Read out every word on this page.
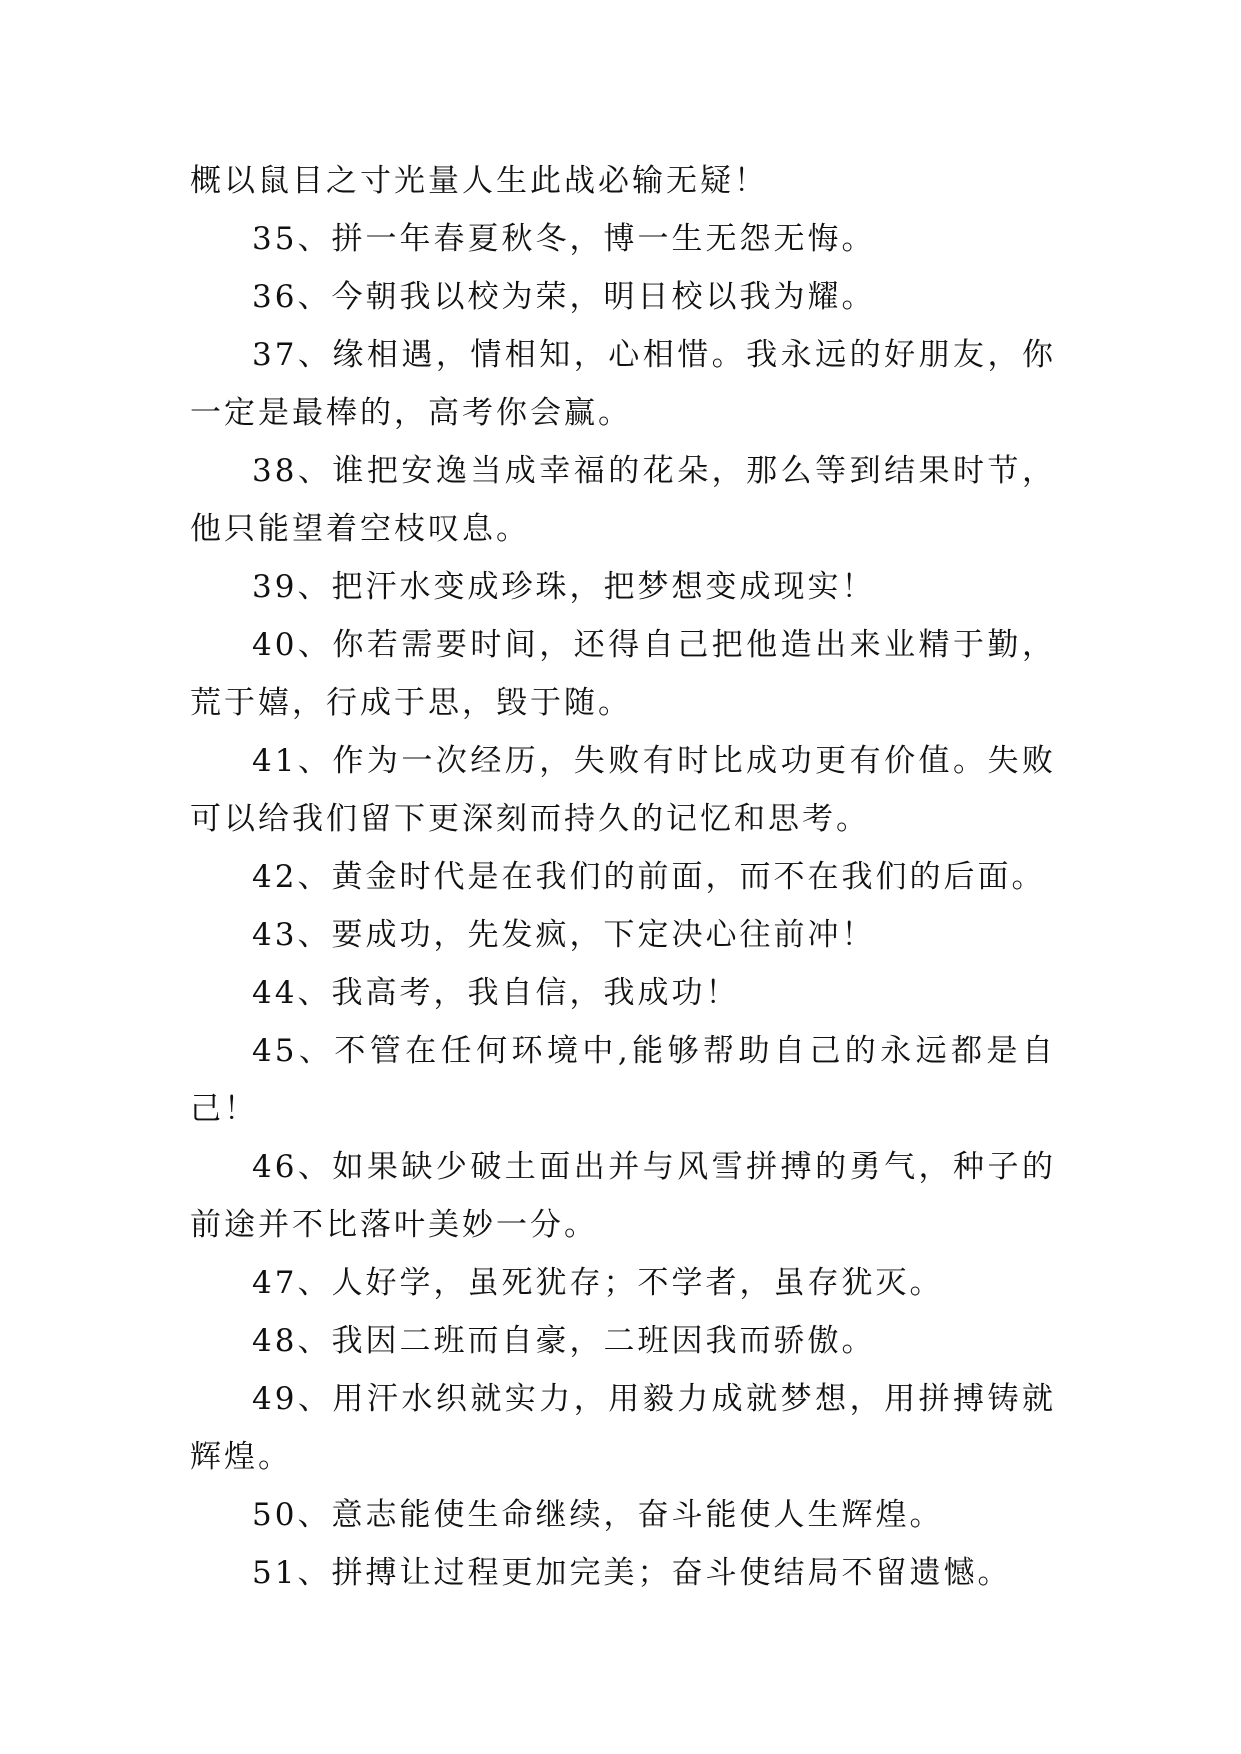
概以鼠目之寸光量人生此战必输无疑！

35、拼一年春夏秋冬，博一生无怨无悔。

36、今朝我以校为荣，明日校以我为耀。

37、缘相遇，情相知，心相惜。我永远的好朋友，你一定是最棒的，高考你会赢。

38、谁把安逸当成幸福的花朵，那么等到结果时节，他只能望着空枝叹息。

39、把汗水变成珍珠，把梦想变成现实！

40、你若需要时间，还得自己把他造出来业精于勤，荒于嬉，行成于思，毁于随。

41、作为一次经历，失败有时比成功更有价值。失败可以给我们留下更深刻而持久的记忆和思考。

42、黄金时代是在我们的前面，而不在我们的后面。

43、要成功，先发疯，下定决心往前冲！

44、我高考，我自信，我成功！

45、不管在任何环境中,能够帮助自己的永远都是自己！

46、如果缺少破土面出并与风雪拼搏的勇气，种子的前途并不比落叶美妙一分。

47、人好学，虽死犹存；不学者，虽存犹灭。

48、我因二班而自豪，二班因我而骄傲。

49、用汗水织就实力，用毅力成就梦想，用拼搏铸就辉煌。

50、意志能使生命继续，奋斗能使人生辉煌。

51、拼搏让过程更加完美；奋斗使结局不留遗憾。
